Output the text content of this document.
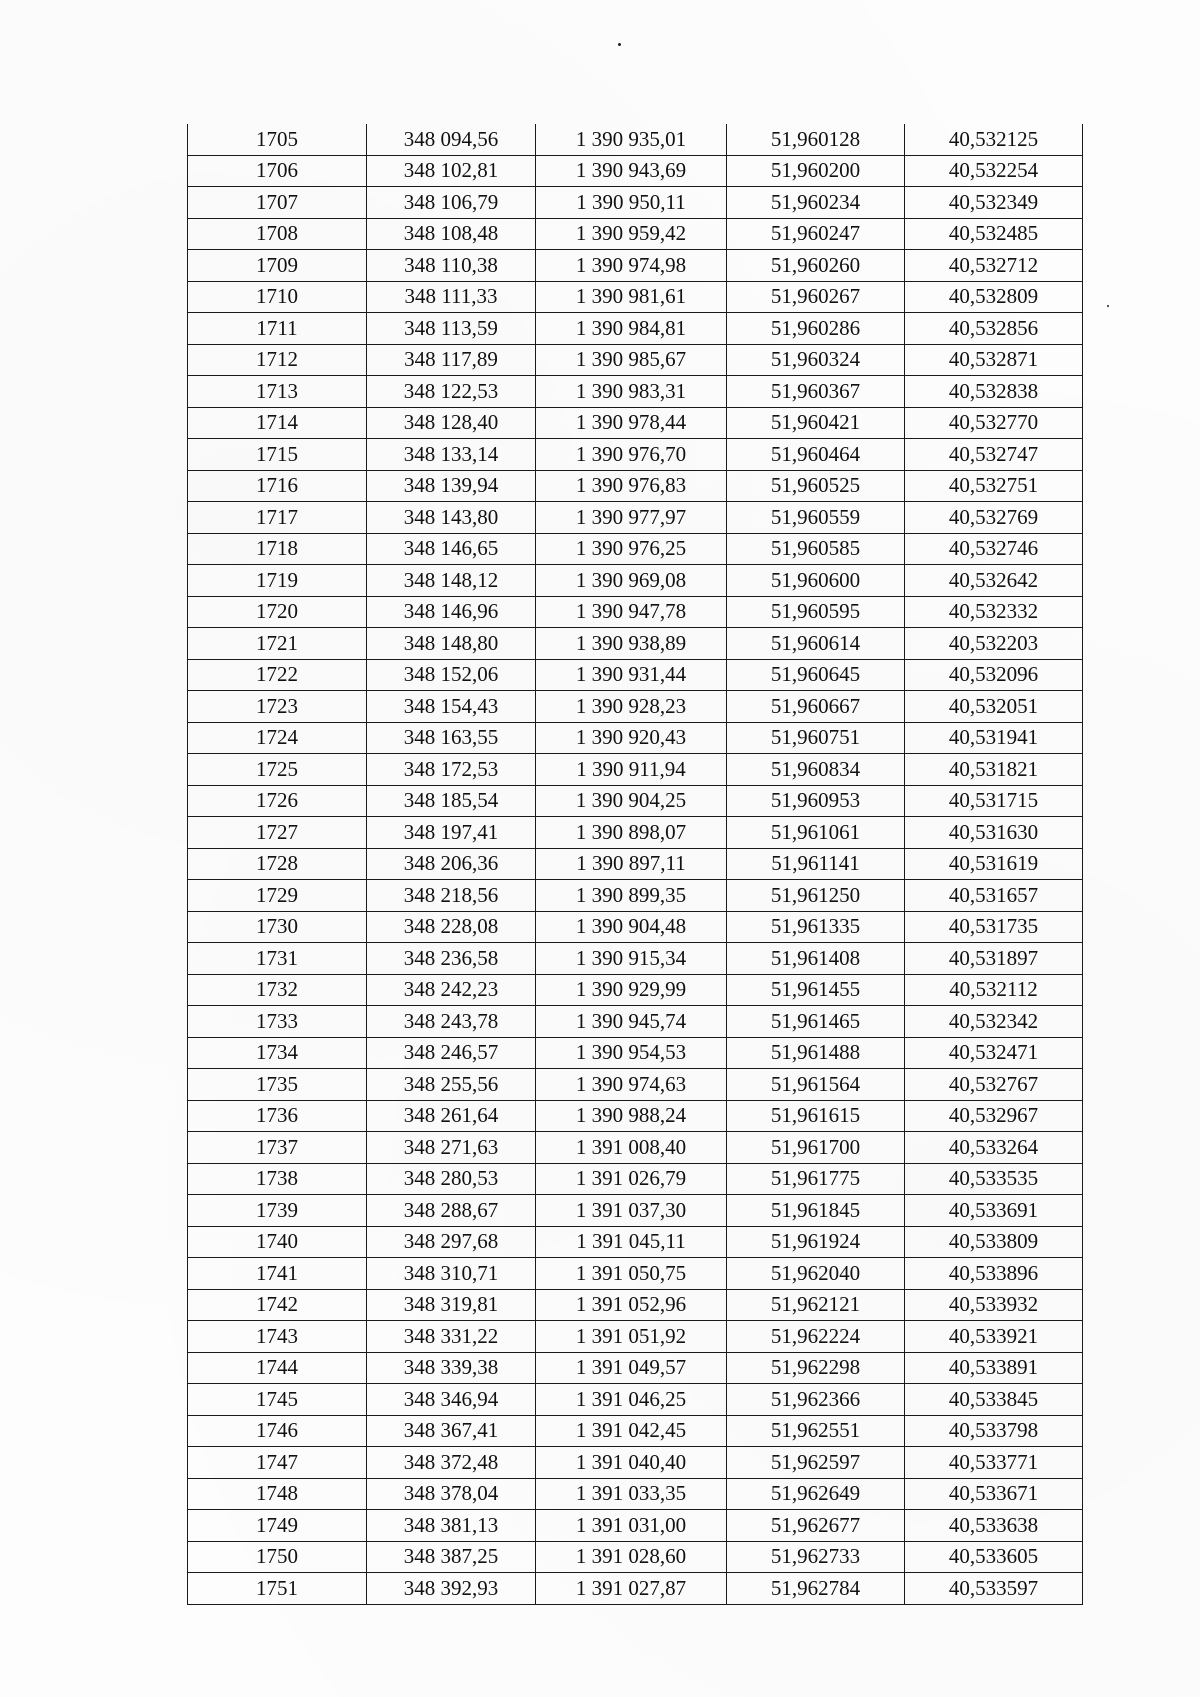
1705	348 094,56	1 390 935,01	51,960128	40,532125
1706	348 102,81	1 390 943,69	51,960200	40,532254
1707	348 106,79	1 390 950,11	51,960234	40,532349
1708	348 108,48	1 390 959,42	51,960247	40,532485
1709	348 110,38	1 390 974,98	51,960260	40,532712
1710	348 111,33	1 390 981,61	51,960267	40,532809
1711	348 113,59	1 390 984,81	51,960286	40,532856
1712	348 117,89	1 390 985,67	51,960324	40,532871
1713	348 122,53	1 390 983,31	51,960367	40,532838
1714	348 128,40	1 390 978,44	51,960421	40,532770
1715	348 133,14	1 390 976,70	51,960464	40,532747
1716	348 139,94	1 390 976,83	51,960525	40,532751
1717	348 143,80	1 390 977,97	51,960559	40,532769
1718	348 146,65	1 390 976,25	51,960585	40,532746
1719	348 148,12	1 390 969,08	51,960600	40,532642
1720	348 146,96	1 390 947,78	51,960595	40,532332
1721	348 148,80	1 390 938,89	51,960614	40,532203
1722	348 152,06	1 390 931,44	51,960645	40,532096
1723	348 154,43	1 390 928,23	51,960667	40,532051
1724	348 163,55	1 390 920,43	51,960751	40,531941
1725	348 172,53	1 390 911,94	51,960834	40,531821
1726	348 185,54	1 390 904,25	51,960953	40,531715
1727	348 197,41	1 390 898,07	51,961061	40,531630
1728	348 206,36	1 390 897,11	51,961141	40,531619
1729	348 218,56	1 390 899,35	51,961250	40,531657
1730	348 228,08	1 390 904,48	51,961335	40,531735
1731	348 236,58	1 390 915,34	51,961408	40,531897
1732	348 242,23	1 390 929,99	51,961455	40,532112
1733	348 243,78	1 390 945,74	51,961465	40,532342
1734	348 246,57	1 390 954,53	51,961488	40,532471
1735	348 255,56	1 390 974,63	51,961564	40,532767
1736	348 261,64	1 390 988,24	51,961615	40,532967
1737	348 271,63	1 391 008,40	51,961700	40,533264
1738	348 280,53	1 391 026,79	51,961775	40,533535
1739	348 288,67	1 391 037,30	51,961845	40,533691
1740	348 297,68	1 391 045,11	51,961924	40,533809
1741	348 310,71	1 391 050,75	51,962040	40,533896
1742	348 319,81	1 391 052,96	51,962121	40,533932
1743	348 331,22	1 391 051,92	51,962224	40,533921
1744	348 339,38	1 391 049,57	51,962298	40,533891
1745	348 346,94	1 391 046,25	51,962366	40,533845
1746	348 367,41	1 391 042,45	51,962551	40,533798
1747	348 372,48	1 391 040,40	51,962597	40,533771
1748	348 378,04	1 391 033,35	51,962649	40,533671
1749	348 381,13	1 391 031,00	51,962677	40,533638
1750	348 387,25	1 391 028,60	51,962733	40,533605
1751	348 392,93	1 391 027,87	51,962784	40,533597
